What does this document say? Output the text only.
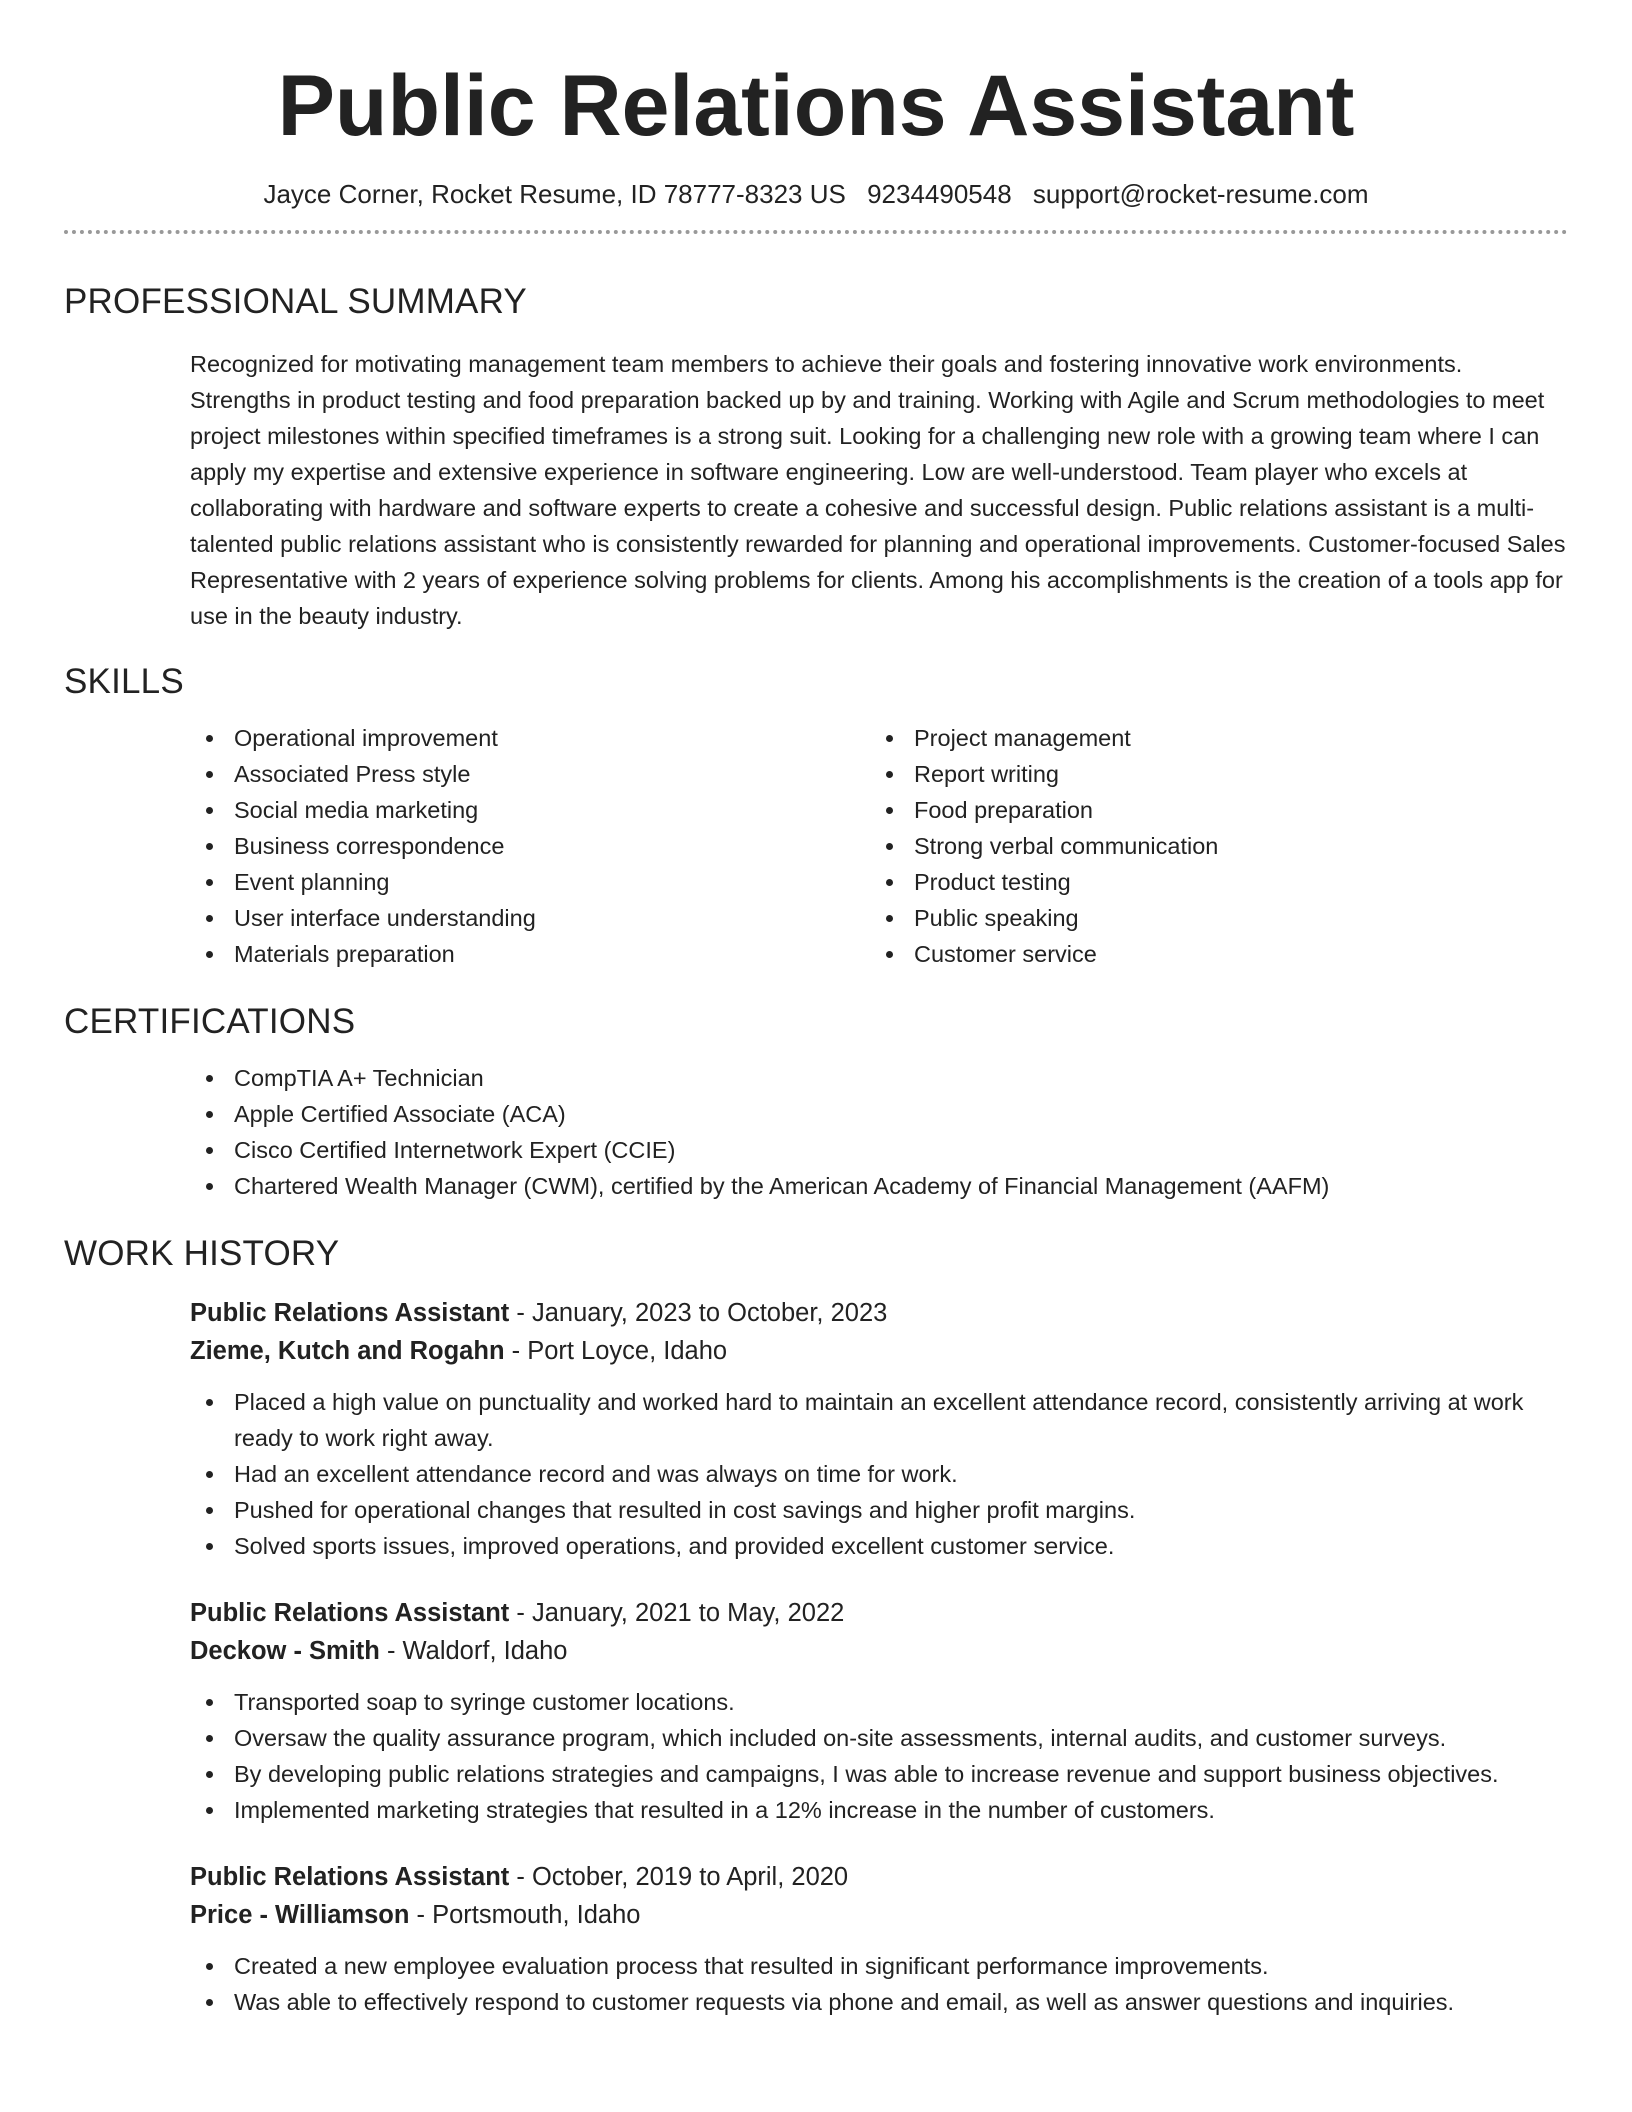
Public Relations Assistant
Jayce Corner, Rocket Resume, ID 78777-8323 US 9234490548 support@rocket-resume.com
PROFESSIONAL SUMMARY

Recognized for motivating management team members to achieve their goals and fostering innovative work environments. Strengths in product testing and food preparation backed up by and training. Working with Agile and Scrum methodologies to meet project milestones within specified timeframes is a strong suit. Looking for a challenging new role with a growing team where I can apply my expertise and extensive experience in software engineering. Low are well-understood. Team player who excels at collaborating with hardware and software experts to create a cohesive and successful design. Public relations assistant is a multi-talented public relations assistant who is consistently rewarded for planning and operational improvements. Customer-focused Sales Representative with 2 years of experience solving problems for clients. Among his accomplishments is the creation of a tools app for use in the beauty industry.

SKILLS
Operational improvement
Associated Press style
Social media marketing
Business correspondence
Event planning
User interface understanding
Materials preparation
Project management
Report writing
Food preparation
Strong verbal communication
Product testing
Public speaking
Customer service
CERTIFICATIONS
CompTIA A+ Technician
Apple Certified Associate (ACA)
Cisco Certified Internetwork Expert (CCIE)
Chartered Wealth Manager (CWM), certified by the American Academy of Financial Management (AAFM)
WORK HISTORY
Public Relations Assistant - January, 2023 to October, 2023
Zieme, Kutch and Rogahn - Port Loyce, Idaho
Placed a high value on punctuality and worked hard to maintain an excellent attendance record, consistently arriving at work ready to work right away.
Had an excellent attendance record and was always on time for work.
Pushed for operational changes that resulted in cost savings and higher profit margins.
Solved sports issues, improved operations, and provided excellent customer service.
Public Relations Assistant - January, 2021 to May, 2022
Deckow - Smith - Waldorf, Idaho
Transported soap to syringe customer locations.
Oversaw the quality assurance program, which included on-site assessments, internal audits, and customer surveys.
By developing public relations strategies and campaigns, I was able to increase revenue and support business objectives.
Implemented marketing strategies that resulted in a 12% increase in the number of customers.
Public Relations Assistant - October, 2019 to April, 2020
Price - Williamson - Portsmouth, Idaho
Created a new employee evaluation process that resulted in significant performance improvements.
Was able to effectively respond to customer requests via phone and email, as well as answer questions and inquiries.
